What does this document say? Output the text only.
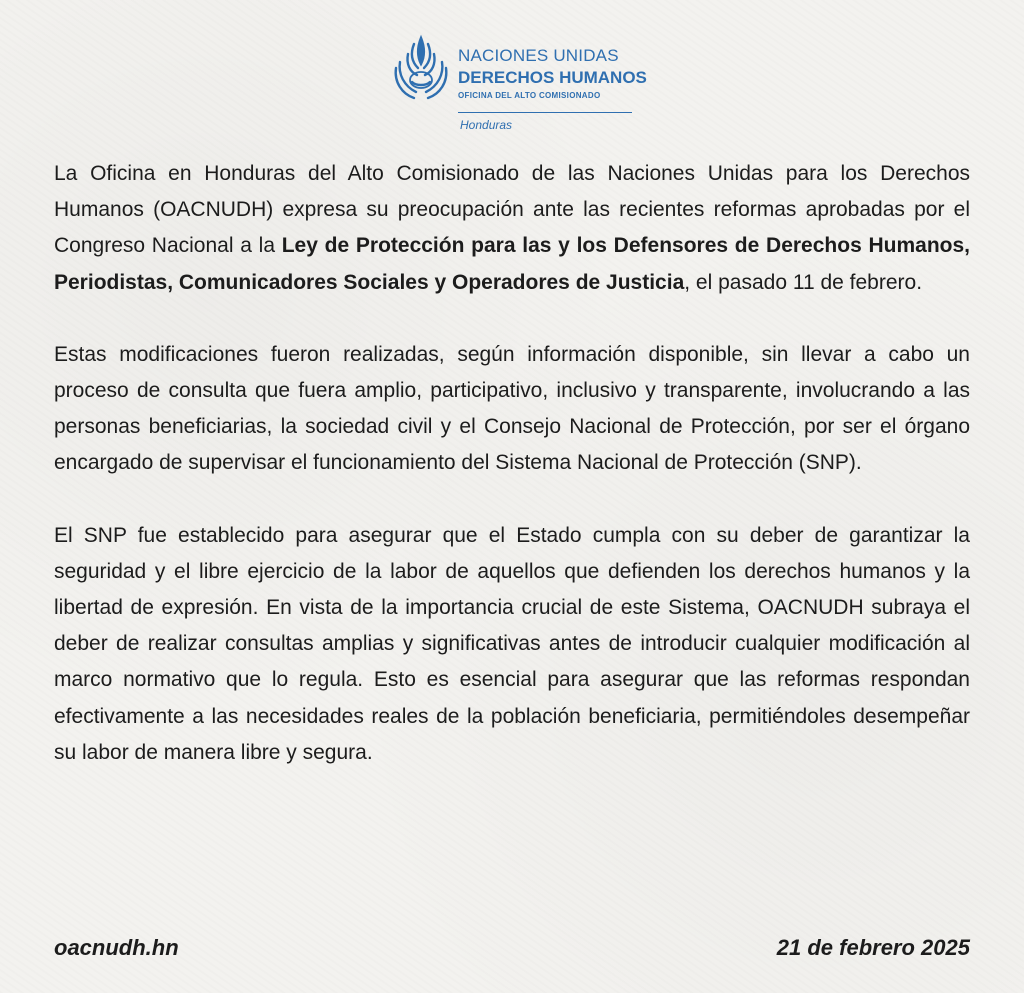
NACIONES UNIDAS
DERECHOS HUMANOS
OFICINA DEL ALTO COMISIONADO
Honduras

La Oficina en Honduras del Alto Comisionado de las Naciones Unidas para los Derechos Humanos (OACNUDH) expresa su preocupación ante las recientes reformas aprobadas por el Congreso Nacional a la Ley de Protección para las y los Defensores de Derechos Humanos, Periodistas, Comunicadores Sociales y Operadores de Justicia, el pasado 11 de febrero.

Estas modificaciones fueron realizadas, según información disponible, sin llevar a cabo un proceso de consulta que fuera amplio, participativo, inclusivo y transparente, involucrando a las personas beneficiarias, la sociedad civil y el Consejo Nacional de Protección, por ser el órgano encargado de supervisar el funcionamiento del Sistema Nacional de Protección (SNP).

El SNP fue establecido para asegurar que el Estado cumpla con su deber de garantizar la seguridad y el libre ejercicio de la labor de aquellos que defienden los derechos humanos y la libertad de expresión. En vista de la importancia crucial de este Sistema, OACNUDH subraya el deber de realizar consultas amplias y significativas antes de introducir cualquier modificación al marco normativo que lo regula. Esto es esencial para asegurar que las reformas respondan efectivamente a las necesidades reales de la población beneficiaria, permitiéndoles desempeñar su labor de manera libre y segura.

oacnudh.hn	21 de febrero 2025
